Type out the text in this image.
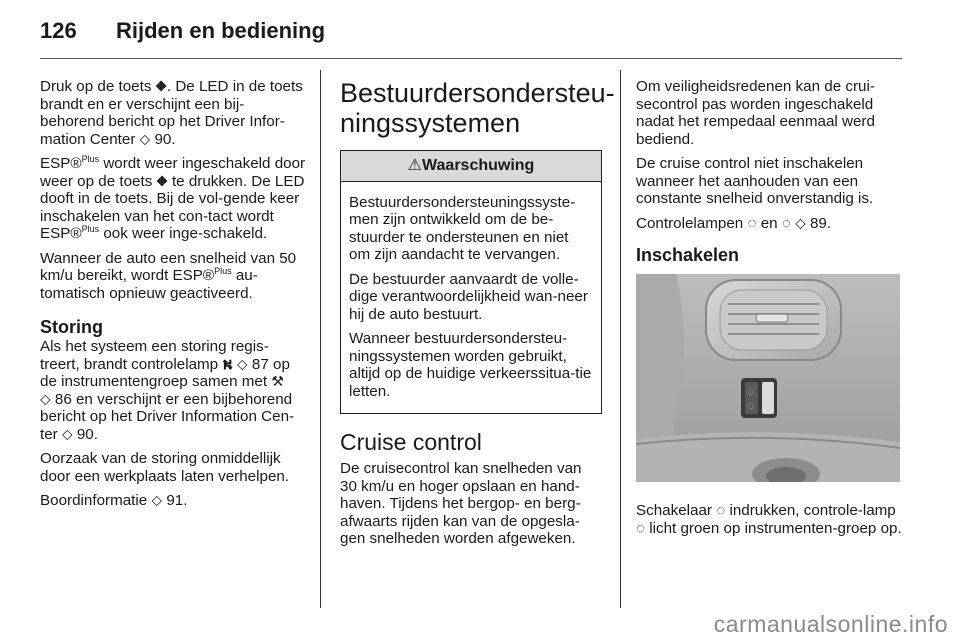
126 Rijden en bediening

Druk op de toets ⛖. De LED in de toets brandt en er verschijnt een bij-behorend bericht op het Driver Infor-mation Center ⬦ 90.

ESP®$^{Plus}$ wordt weer ingeschakeld door weer op de toets ⛖ te drukken. De LED dooft in de toets. Bij de vol-gende keer inschakelen van het con-tact wordt ESP®$^{Plus}$ ook weer inge-schakeld.

Wanneer de auto een snelheid van 50 km/u bereikt, wordt ESP®$^{Plus}$ au-tomatisch opnieuw geactiveerd.

Storing

Als het systeem een storing regis-treert, brandt controlelamp ⛕ ⬦ 87 op de instrumentengroep samen met ⚒
⬦ 86 en verschijnt er een bijbehorend bericht op het Driver Information Cen-ter ⬦ 90.

Oorzaak van de storing onmiddellijk door een werkplaats laten verhelpen.

Boordinformatie ⬦ 91.

Bestuurdersondersteu-ningssystemen
⚠Waarschuwing

Bestuurdersondersteuningssyste-men zijn ontwikkeld om de be-stuurder te ondersteunen en niet om zijn aandacht te vervangen.

De bestuurder aanvaardt de volle-dige verantwoordelijkheid wan-neer hij de auto bestuurt.

Wanneer bestuurdersondersteu-ningssystemen worden gebruikt, altijd op de huidige verkeerssitua-tie letten.

Cruise control

De cruisecontrol kan snelheden van 30 km/u en hoger opslaan en hand-haven. Tijdens het bergop- en berg-afwaarts rijden kan van de opgesla-gen snelheden worden afgeweken.

Om veiligheidsredenen kan de crui-secontrol pas worden ingeschakeld nadat het rempedaal eenmaal werd bediend.

De cruise control niet inschakelen wanneer het aanhouden van een constante snelheid onverstandig is.

Controlelampen ◌ en ◌ ⬦ 89.

Inschakelen
◌
◌

Schakelaar ◌ indrukken, controle-lamp ◌ licht groen op instrumenten-groep op.

carmanualsonline.info
